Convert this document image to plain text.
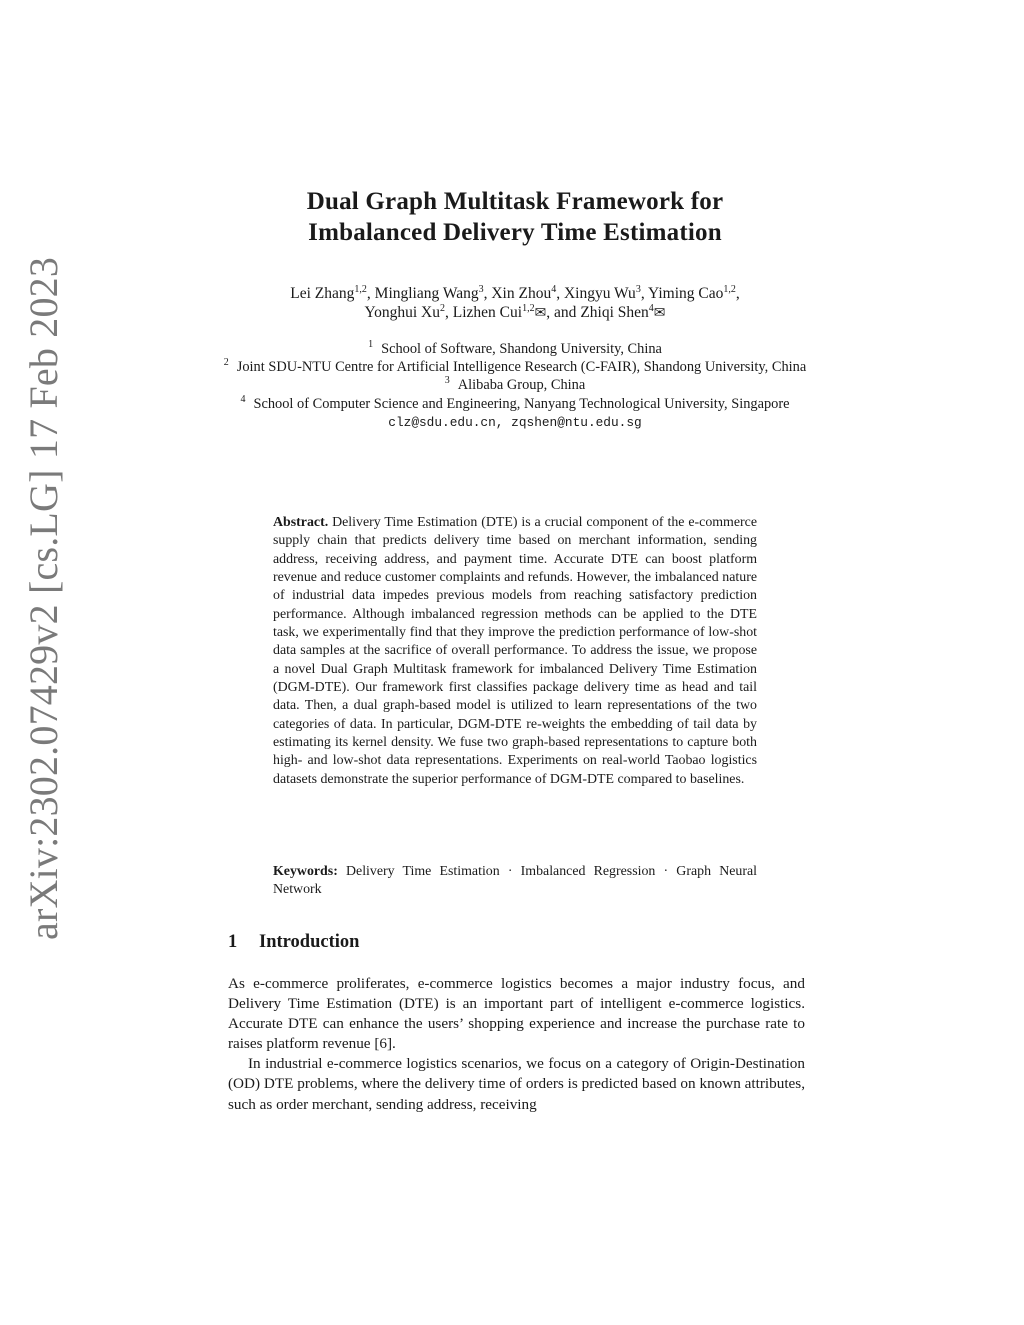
arXiv:2302.07429v2 [cs.LG] 17 Feb 2023
Dual Graph Multitask Framework for
Imbalanced Delivery Time Estimation
Lei Zhang$^{1,2}$, Mingliang Wang$^3$, Xin Zhou$^4$, Xingyu Wu$^3$, Yiming Cao$^{1,2}$,
Yonghui Xu$^2$, Lizhen Cui$^{1,2}$✉, and Zhiqi Shen$^4$✉
$^1$ School of Software, Shandong University, China
$^2$ Joint SDU-NTU Centre for Artificial Intelligence Research (C-FAIR), Shandong University, China
$^3$ Alibaba Group, China
$^4$ School of Computer Science and Engineering, Nanyang Technological University, Singapore
clz@sdu.edu.cn, zqshen@ntu.edu.sg
Abstract. Delivery Time Estimation (DTE) is a crucial component of the e-commerce supply chain that predicts delivery time based on merchant information, sending address, receiving address, and payment time. Accurate DTE can boost platform revenue and reduce customer complaints and refunds. However, the imbalanced nature of industrial data impedes previous models from reaching satisfactory prediction performance. Although imbalanced regression methods can be applied to the DTE task, we experimentally find that they improve the prediction performance of low-shot data samples at the sacrifice of overall performance. To address the issue, we propose a novel Dual Graph Multitask framework for imbalanced Delivery Time Estimation (DGM-DTE). Our framework first classifies package delivery time as head and tail data. Then, a dual graph-based model is utilized to learn representations of the two categories of data. In particular, DGM-DTE re-weights the embedding of tail data by estimating its kernel density. We fuse two graph-based representations to capture both high- and low-shot data representations. Experiments on real-world Taobao logistics datasets demonstrate the superior performance of DGM-DTE compared to baselines.
Keywords: Delivery Time Estimation · Imbalanced Regression · Graph Neural Network
1 Introduction

As e-commerce proliferates, e-commerce logistics becomes a major industry focus, and Delivery Time Estimation (DTE) is an important part of intelligent e-commerce logistics. Accurate DTE can enhance the users’ shopping experience and increase the purchase rate to raises platform revenue [6].

In industrial e-commerce logistics scenarios, we focus on a category of Origin-Destination (OD) DTE problems, where the delivery time of orders is predicted based on known attributes, such as order merchant, sending address, receiving
